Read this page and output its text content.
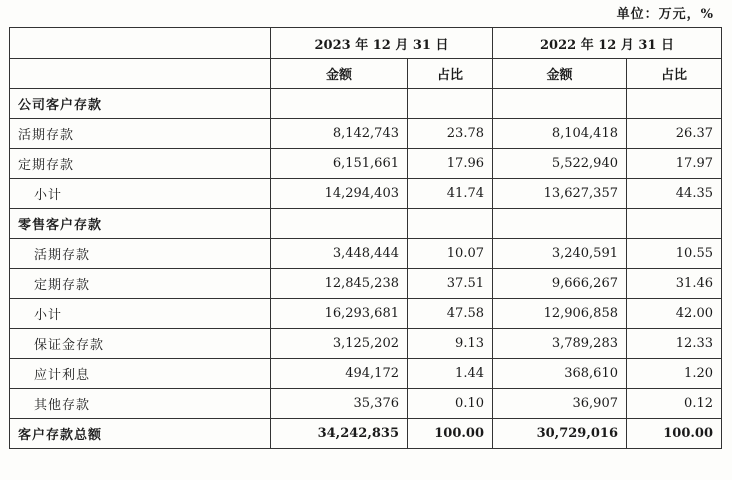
单位：万元，%
	2023 年 12 月 31 日		2022 年 12 月 31 日	
	金额	占比	金额	占比
公司客户存款				
活期存款	8,142,743	23.78	8,104,418	26.37
定期存款	6,151,661	17.96	5,522,940	17.97
小计	14,294,403	41.74	13,627,357	44.35
零售客户存款				
活期存款	3,448,444	10.07	3,240,591	10.55
定期存款	12,845,238	37.51	9,666,267	31.46
小计	16,293,681	47.58	12,906,858	42.00
保证金存款	3,125,202	9.13	3,789,283	12.33
应计利息	494,172	1.44	368,610	1.20
其他存款	35,376	0.10	36,907	0.12
客户存款总额	34,242,835	100.00	30,729,016	100.00
